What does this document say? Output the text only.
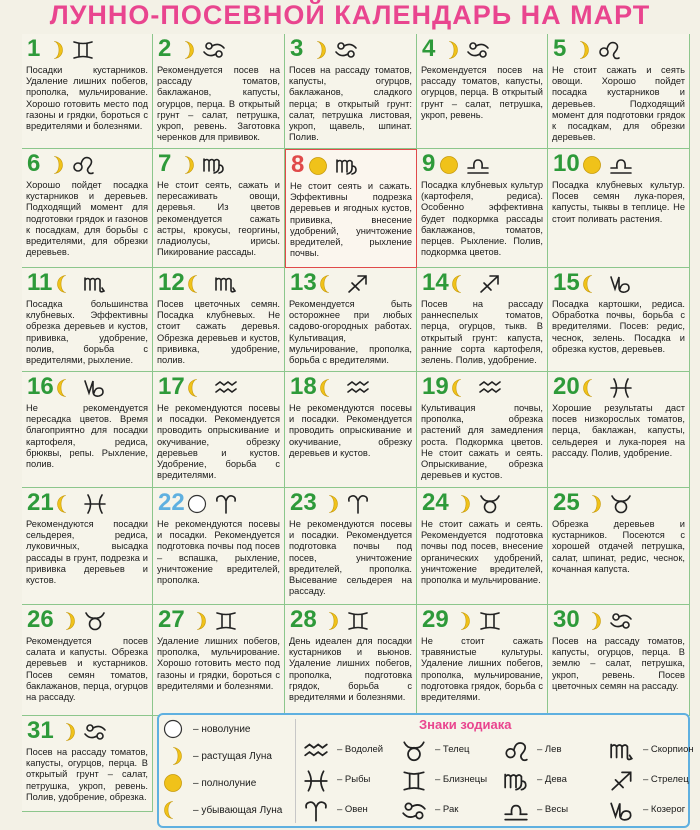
ЛУННО-ПОСЕВНОЙ КАЛЕНДАРЬ НА МАРТ
1
Посадки кустарников. Удаление лишних побегов, прополка, мульчирование. Хорошо готовить место под газоны и грядки, бороться с вредителями и болезнями.
2
Рекомендуется посев на рассаду томатов, баклажанов, капусты, огурцов, перца. В открытый грунт – салат, петрушка, укроп, ревень. Заготовка черенков для прививок.
3
Посев на рассаду томатов, капусты, огурцов, баклажанов, сладкого перца; в открытый грунт: салат, петрушка листовая, укроп, щавель, шпинат. Полив.
4
Рекомендуется посев на рассаду томатов, капусты, огурцов, перца. В открытый грунт – салат, петрушка, укроп, ревень.
5
Не стоит сажать и сеять овощи. Хорошо пойдет посадка кустарников и деревьев. Подходящий момент для подготовки грядок к посадкам, для обрезки деревьев.
6
Хорошо пойдет посадка кустарников и деревьев. Подходящий момент для подготовки грядок и газонов к посадкам, для борьбы с вредителями, для обрезки деревьев.
7
Не стоит сеять, сажать и пересаживать овощи, деревья. Из цветов рекомендуется сажать астры, крокусы, георгины, гладиолусы, ирисы. Пикирование рассады.
8
Не стоит сеять и сажать. Эффективны подрезка деревьев и ягодных кустов, прививка, внесение удобрений, уничтожение вредителей, рыхление почвы.
9
Посадка клубневых культур (картофеля, редиса). Особенно эффективна будет подкормка рассады баклажанов, томатов, перцев. Рыхление. Полив, подкормка цветов.
10
Посадка клубневых культур. Посев семян лука-порея, капусты, тыквы в теплице. Не стоит поливать растения.
11
Посадка большинства клубневых. Эффективны обрезка деревьев и кустов, прививка, удобрение, полив, борьба с вредителями, рыхление.
12
Посев цветочных семян. Посадка клубневых. Не стоит сажать деревья. Обрезка деревьев и кустов, прививка, удобрение, полив.
13
Рекомендуется быть осторожнее при любых садово-огородных работах. Культивация, мульчирование, прополка, борьба с вредителями.
14
Посев на рассаду раннеспелых томатов, перца, огурцов, тыкв. В открытый грунт: капуста, ранние сорта картофеля, зелень. Полив, удобрение.
15
Посадка картошки, редиса. Обработка почвы, борьба с вредителями. Посев: редис, чеснок, зелень. Посадка и обрезка кустов, деревьев.
16
Не рекомендуется пересадка цветов. Время благоприятно для посадки картофеля, редиса, брюквы, репы. Рыхление, полив.
17
Не рекомендуются посевы и посадки. Рекомендуется проводить опрыскивание и окучивание, обрезку деревьев и кустов. Удобрение, борьба с вредителями.
18
Не рекомендуются посевы и посадки. Рекомендуется проводить опрыскивание и окучивание, обрезку деревьев и кустов.
19
Культивация почвы, прополка, обрезка растений для замедления роста. Подкормка цветов. Не стоит сажать и сеять. Опрыскивание, обрезка деревьев и кустов.
20
Хорошие результаты даст посев низкорослых томатов, перца, баклажан, капусты, сельдерея и лука-порея на рассаду. Полив, удобрение.
21
Рекомендуются посадки сельдерея, редиса, луковичных, высадка рассады в грунт, подрезка и прививка деревьев и кустов.
22
Не рекомендуются посевы и посадки. Рекомендуется подготовка почвы под посев – вспашка, рыхление, уничтожение вредителей, прополка.
23
Не рекомендуются посевы и посадки. Рекомендуется подготовка почвы под посев, уничтожение вредителей, прополка. Высевание сельдерея на рассаду.
24
Не стоит сажать и сеять. Рекомендуется подготовка почвы под посев, внесение органических удобрений, уничтожение вредителей, прополка и мульчирование.
25
Обрезка деревьев и кустарников. Посеются с хорошей отдачей петрушка, салат, шпинат, редис, чеснок, кочанная капуста.
26
Рекомендуется посев салата и капусты. Обрезка деревьев и кустарников. Посев семян томатов, баклажанов, перца, огурцов на рассаду.
27
Удаление лишних побегов, прополка, мульчирование. Хорошо готовить место под газоны и грядки, бороться с вредителями и болезнями.
28
День идеален для посадки кустарников и вьюнов. Удаление лишних побегов, прополка, подготовка грядок, борьба с вредителями и болезнями.
29
Не стоит сажать травянистые культуры. Удаление лишних побегов, прополка, мульчирование, подготовка грядок, борьба с вредителями.
30
Посев на рассаду томатов, капусты, огурцов, перца. В землю – салат, петрушка, укроп, ревень. Посев цветочных семян на рассаду.
31
Посев на рассаду томатов, капусты, огурцов, перца. В открытый грунт – салат, петрушка, укроп, ревень. Полив, удобрение, обрезка.
Знаки зодиака
– новолуние
– растущая Луна
– полнолуние
– убывающая Луна
– Водолей	– Телец	– Лев	– Скорпион
– Рыбы	– Близнецы	– Дева	– Стрелец
– Овен	– Рак	– Весы	– Козерог
